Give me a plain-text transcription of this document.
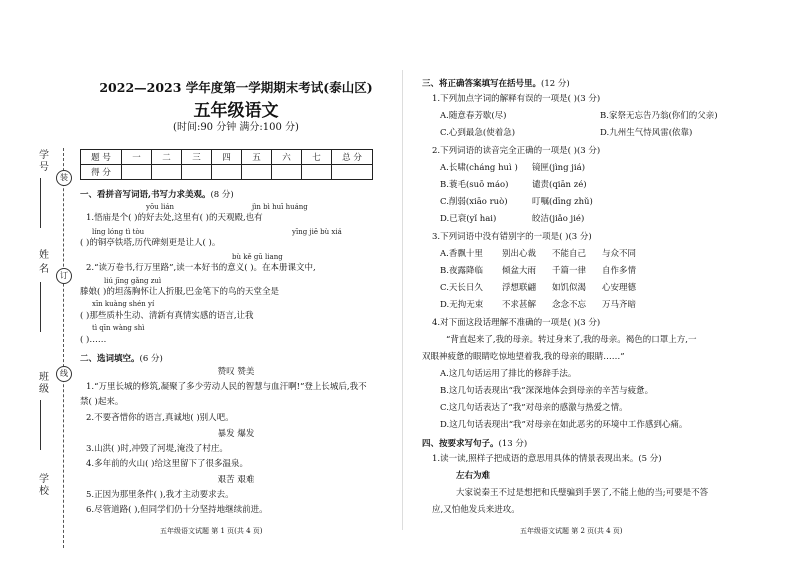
学
号
姓
名
班
级
学
校
装
订
线
2022—2023 学年度第一学期期末考试(泰山区)
五年级语文
(时间:90 分钟 满分:100 分)
题 号	一	二	三	四	五	六	七	总 分
得 分								
一、看拼音写词语,书写力求美观。(8 分)
yōu lián	jìn bì huī huáng
1.悟庙是个( )的好去处,这里有( )的天观殿,也有
líng lóng tì tòu	yīng jiē bù xiá
( )的铜亭铁塔,历代碑刻更是让人( )。
bù kě gū liang
2.“读万卷书,行万里路”,读一本好书的意义( )。在本册课文中,
liú jīng gǎng zuì
滕娘( )的坦荡胸怀让人折服,巴金笔下的鸟的天堂全是
xīn kuàng shén yí
( )那些质朴生动、清新有真情实感的语言,让我
tì qīn wàng shì
( )……
二、选词填空。(6 分)
赞叹 赞美
1.“万里长城的修筑,凝聚了多少劳动人民的智慧与血汗啊!”登上长城后,我不
禁( )起来。
2.不要吝惜你的语言,真诚地( )别人吧。
暴发 爆发
3.山洪( )时,冲毁了河堤,淹没了村庄。
4.多年前的火山( )给这里留下了很多温泉。
艰苦 艰难
5.正因为那里条件( ),我才主动要求去。
6.尽管道路( ),但同学们仍十分坚持地继续前进。
五年级语文试题 第 1 页(共 4 页)
三、将正确答案填写在括号里。(12 分)
1.下列加点字词的解释有误的一项是( )(3 分)
A.随意春芳歇(尽)	B.家祭无忘告乃翁(你们的父亲)
C.心到最急(使着急)	D.九州生气恃风雷(依靠)
2.下列词语的读音完全正确的一项是( )(3 分)
A.长啸(cháng huì ) 镜匣(jìng jiá)
B.蓑毛(suō máo)	谴责(qiān zé)
C.削弱(xiāo ruò)	叮嘱(dīng zhǔ)
D.已衰(yǐ hai)	皎洁(jiǎo jié)
3.下列词语中没有错别字的一项是( )(3 分)
A.香飘十里 别出心裁 不能自己 与众不同
B.夜露降临 倾盆大雨 千篇一律 自作多情
C.天长日久 浮想联翩 如饥似渴 心安理德
D.无拘无束 不求甚解 念念不忘 万马齐暗
4.对下面这段话理解不准确的一项是( )(3 分)
“背直起来了,我的母亲。转过身来了,我的母亲。褐色的口罩上方,一
双眼神疲惫的眼睛吃惊地望着我,我的母亲的眼睛……”
A.这几句话运用了排比的修辞手法。
B.这几句话表现出“我”深深地体会到母亲的辛苦与疲惫。
C.这几句话表达了“我”对母亲的感激与热爱之情。
D.这几句话表现出“我”对母亲在如此恶劣的环境中工作感到心痛。
四、按要求写句子。(13 分)
1.读一读,照样子把成语的意思用具体的情景表现出来。(5 分)
左右为难
大家说秦王不过是想把和氏璧骗到手罢了,不能上他的当;可要是不答
应,又怕他发兵来进攻。
五年级语文试题 第 2 页(共 4 页)
